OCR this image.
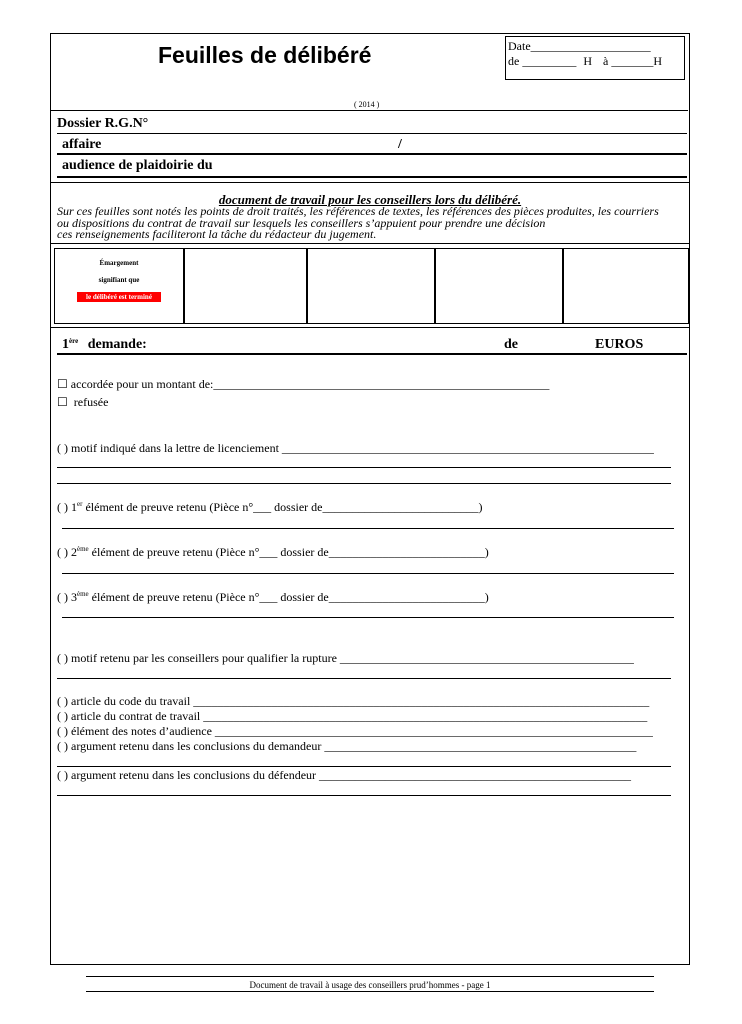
Feuilles de délibéré	Date____________________
de _________ H à _______H
( 2014 )
Dossier R.G.N°
affaire	/
audience de plaidoirie du
document de travail pour les conseillers lors du délibéré.
Sur ces feuilles sont notés les points de droit traités, les références de textes, les références des pièces produites, les courriers
ou dispositions du contrat de travail sur lesquels les conseillers s’appuient pour prendre une décision
ces renseignements faciliteront la tâche du rédacteur du jugement.
Émargement
signifiant que
le délibéré est terminé
1ère demande:	de	EUROS
☐ accordée pour un montant de:________________________________________________________
☐ refusée
( ) motif indiqué dans la lettre de licenciement ______________________________________________________________
( ) 1er élément de preuve retenu (Pièce n°___ dossier de__________________________)
( ) 2ème élément de preuve retenu (Pièce n°___ dossier de__________________________)
( ) 3ème élément de preuve retenu (Pièce n°___ dossier de__________________________)
( ) motif retenu par les conseillers pour qualifier la rupture _________________________________________________
( ) article du code du travail ____________________________________________________________________________
( ) article du contrat de travail __________________________________________________________________________
( ) élément des notes d’audience _________________________________________________________________________
( ) argument retenu dans les conclusions du demandeur ____________________________________________________
( ) argument retenu dans les conclusions du défendeur ____________________________________________________
Document de travail à usage des conseillers prud’hommes - page 1
